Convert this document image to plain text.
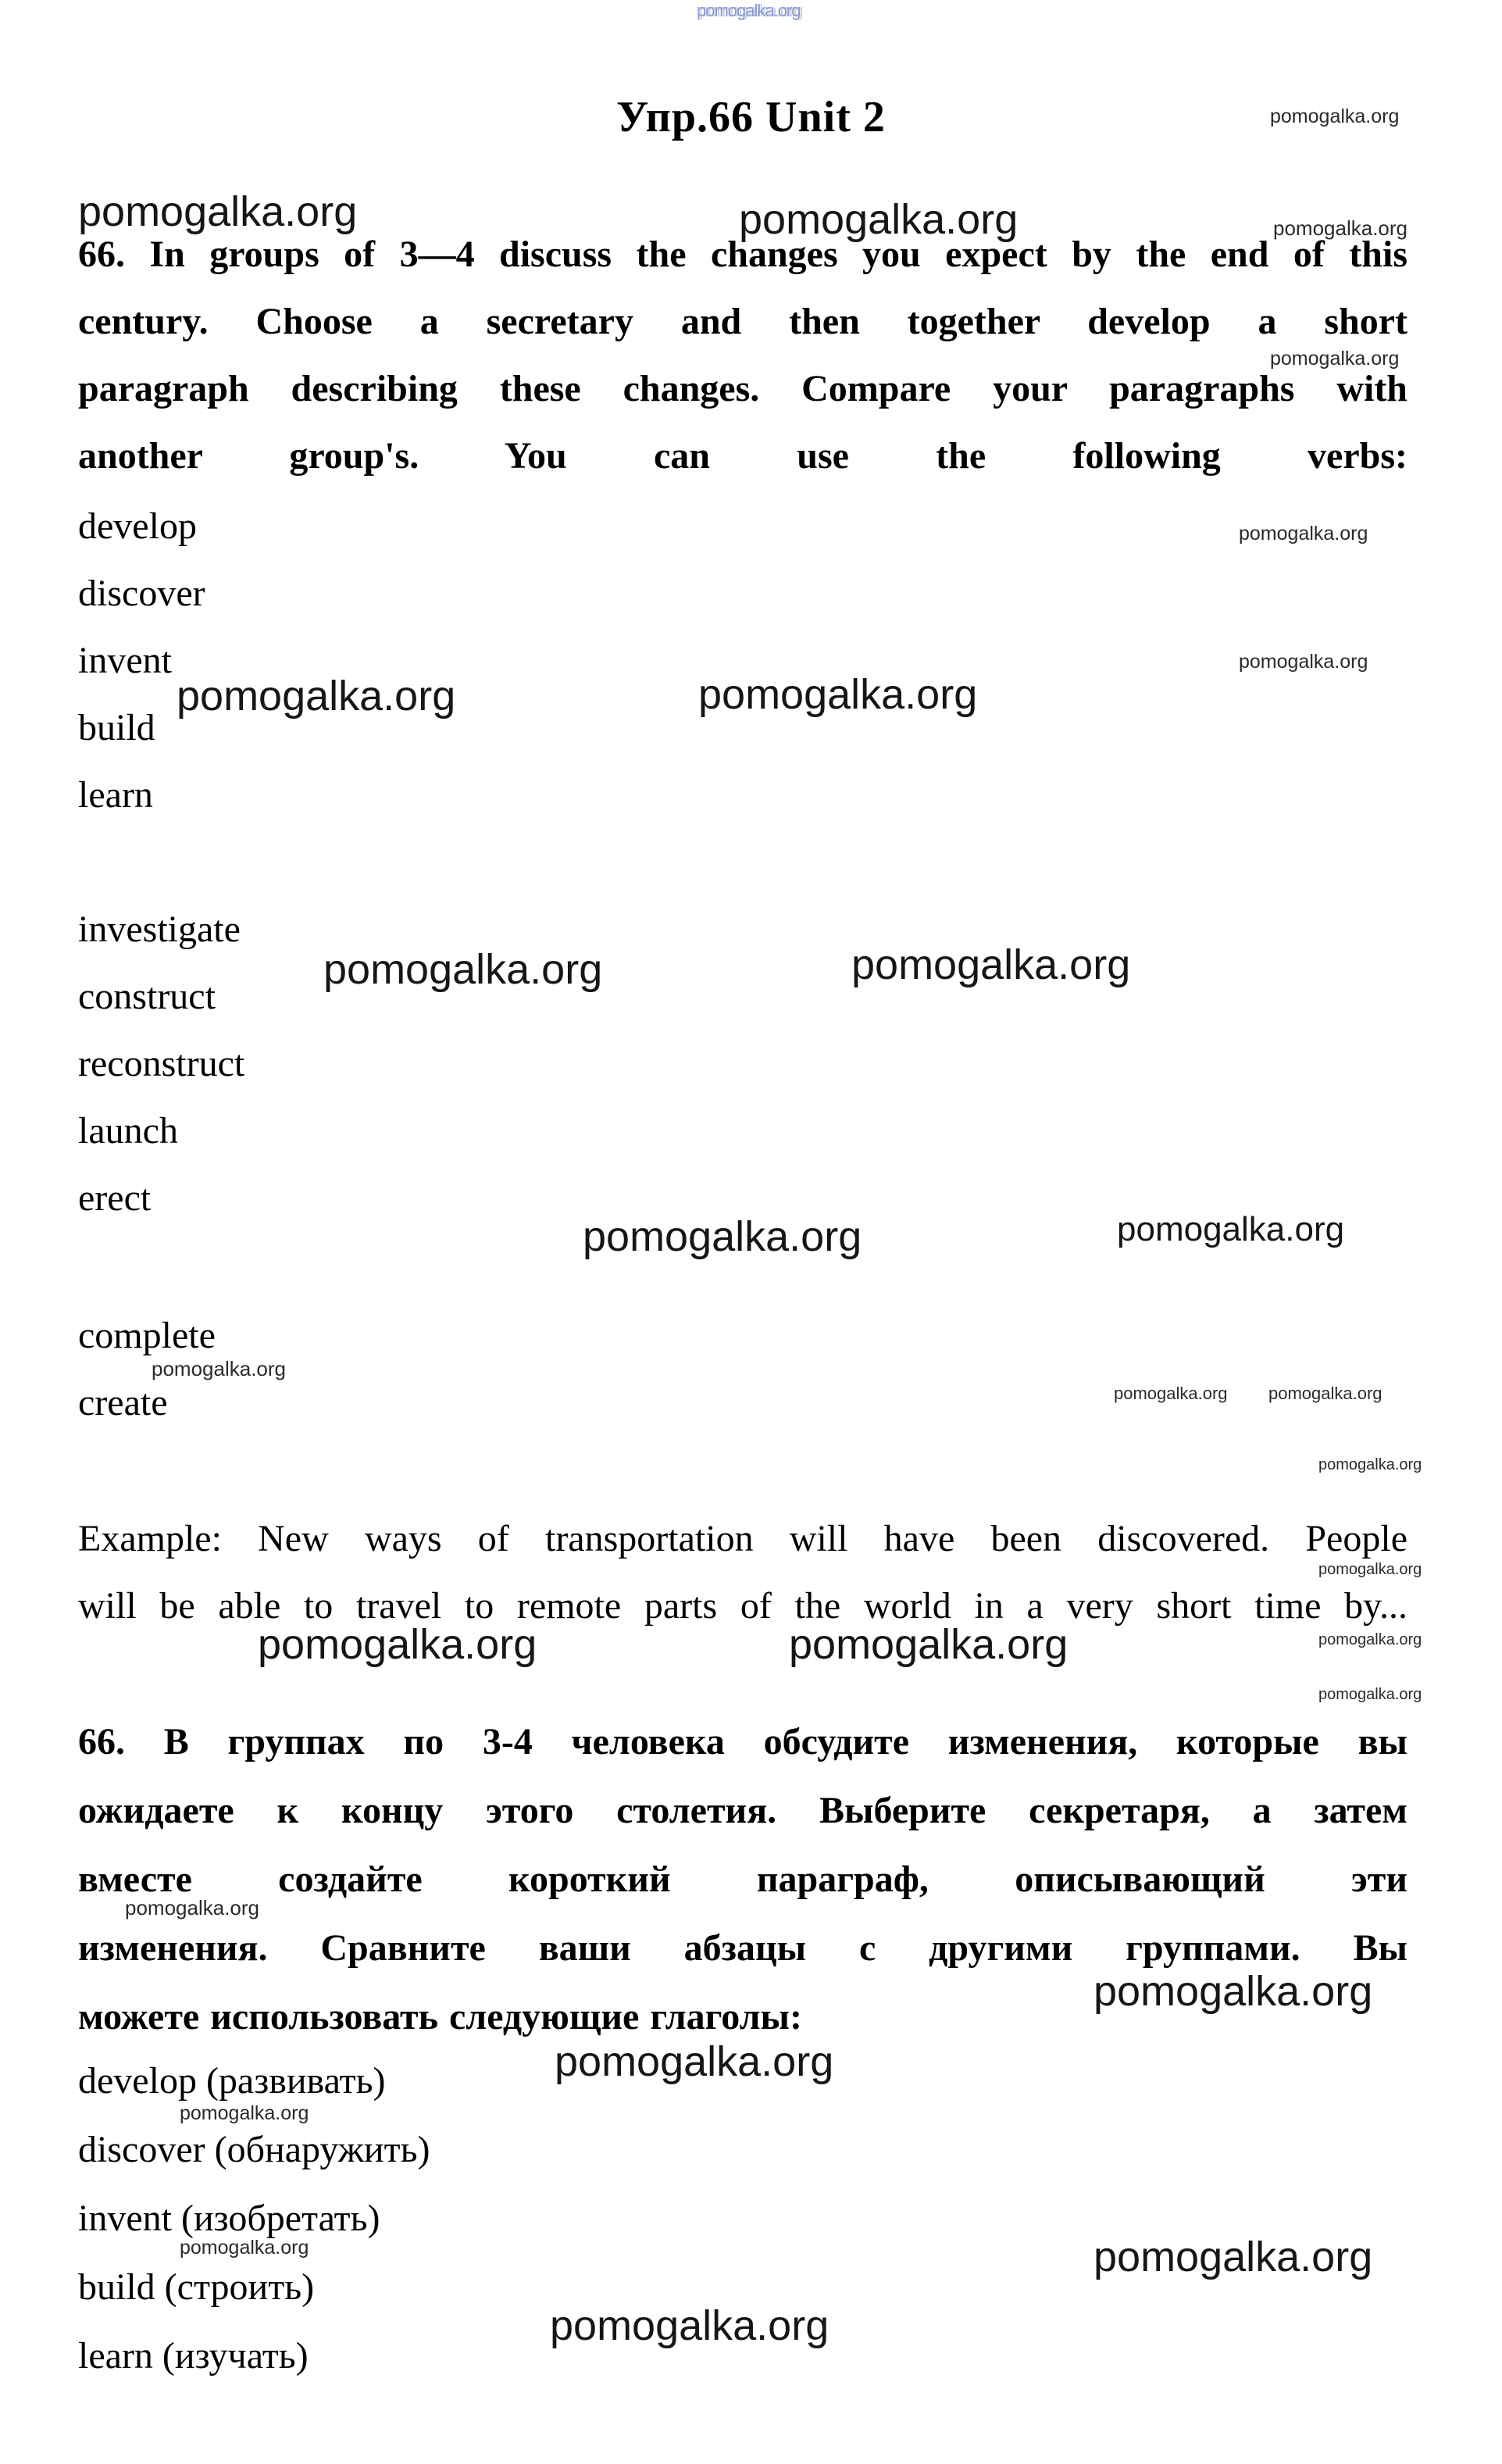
pomogalka.org
Упр.66 Unit 2	pomogalka.org
pomogalka.org	pomogalka.org	pomogalka.org
66. In groups of 3—4 discuss the changes you expect by the end of this
century. Choose a secretary and then together develop a short
paragraph describing these changes. Compare your paragraphs with
another group's. You can use the following verbs:
pomogalka.org
develop
discover
invent
build
learn
pomogalka.org
pomogalka.org
pomogalka.org	pomogalka.org
investigate
construct
reconstruct
launch
erect
pomogalka.org	pomogalka.org
pomogalka.org	pomogalka.org
complete
create
pomogalka.org
pomogalka.org pomogalka.org
pomogalka.org
Example: New ways of transportation will have been discovered. People
will be able to travel to remote parts of the world in a very short time by...
pomogalka.org
pomogalka.org
pomogalka.org	pomogalka.org
pomogalka.org
66. В группах по 3-4 человека обсудите изменения, которые вы
ожидаете к концу этого столетия. Выберите секретаря, а затем
вместе создайте короткий параграф, описывающий эти
изменения. Сравните ваши абзацы с другими группами. Вы
можете использовать следующие глаголы:
pomogalka.org
pomogalka.org
develop (развивать)
discover (обнаружить)
invent (изобретать)
build (строить)
learn (изучать)
pomogalka.org
pomogalka.org
pomogalka.org	pomogalka.org
pomogalka.org
